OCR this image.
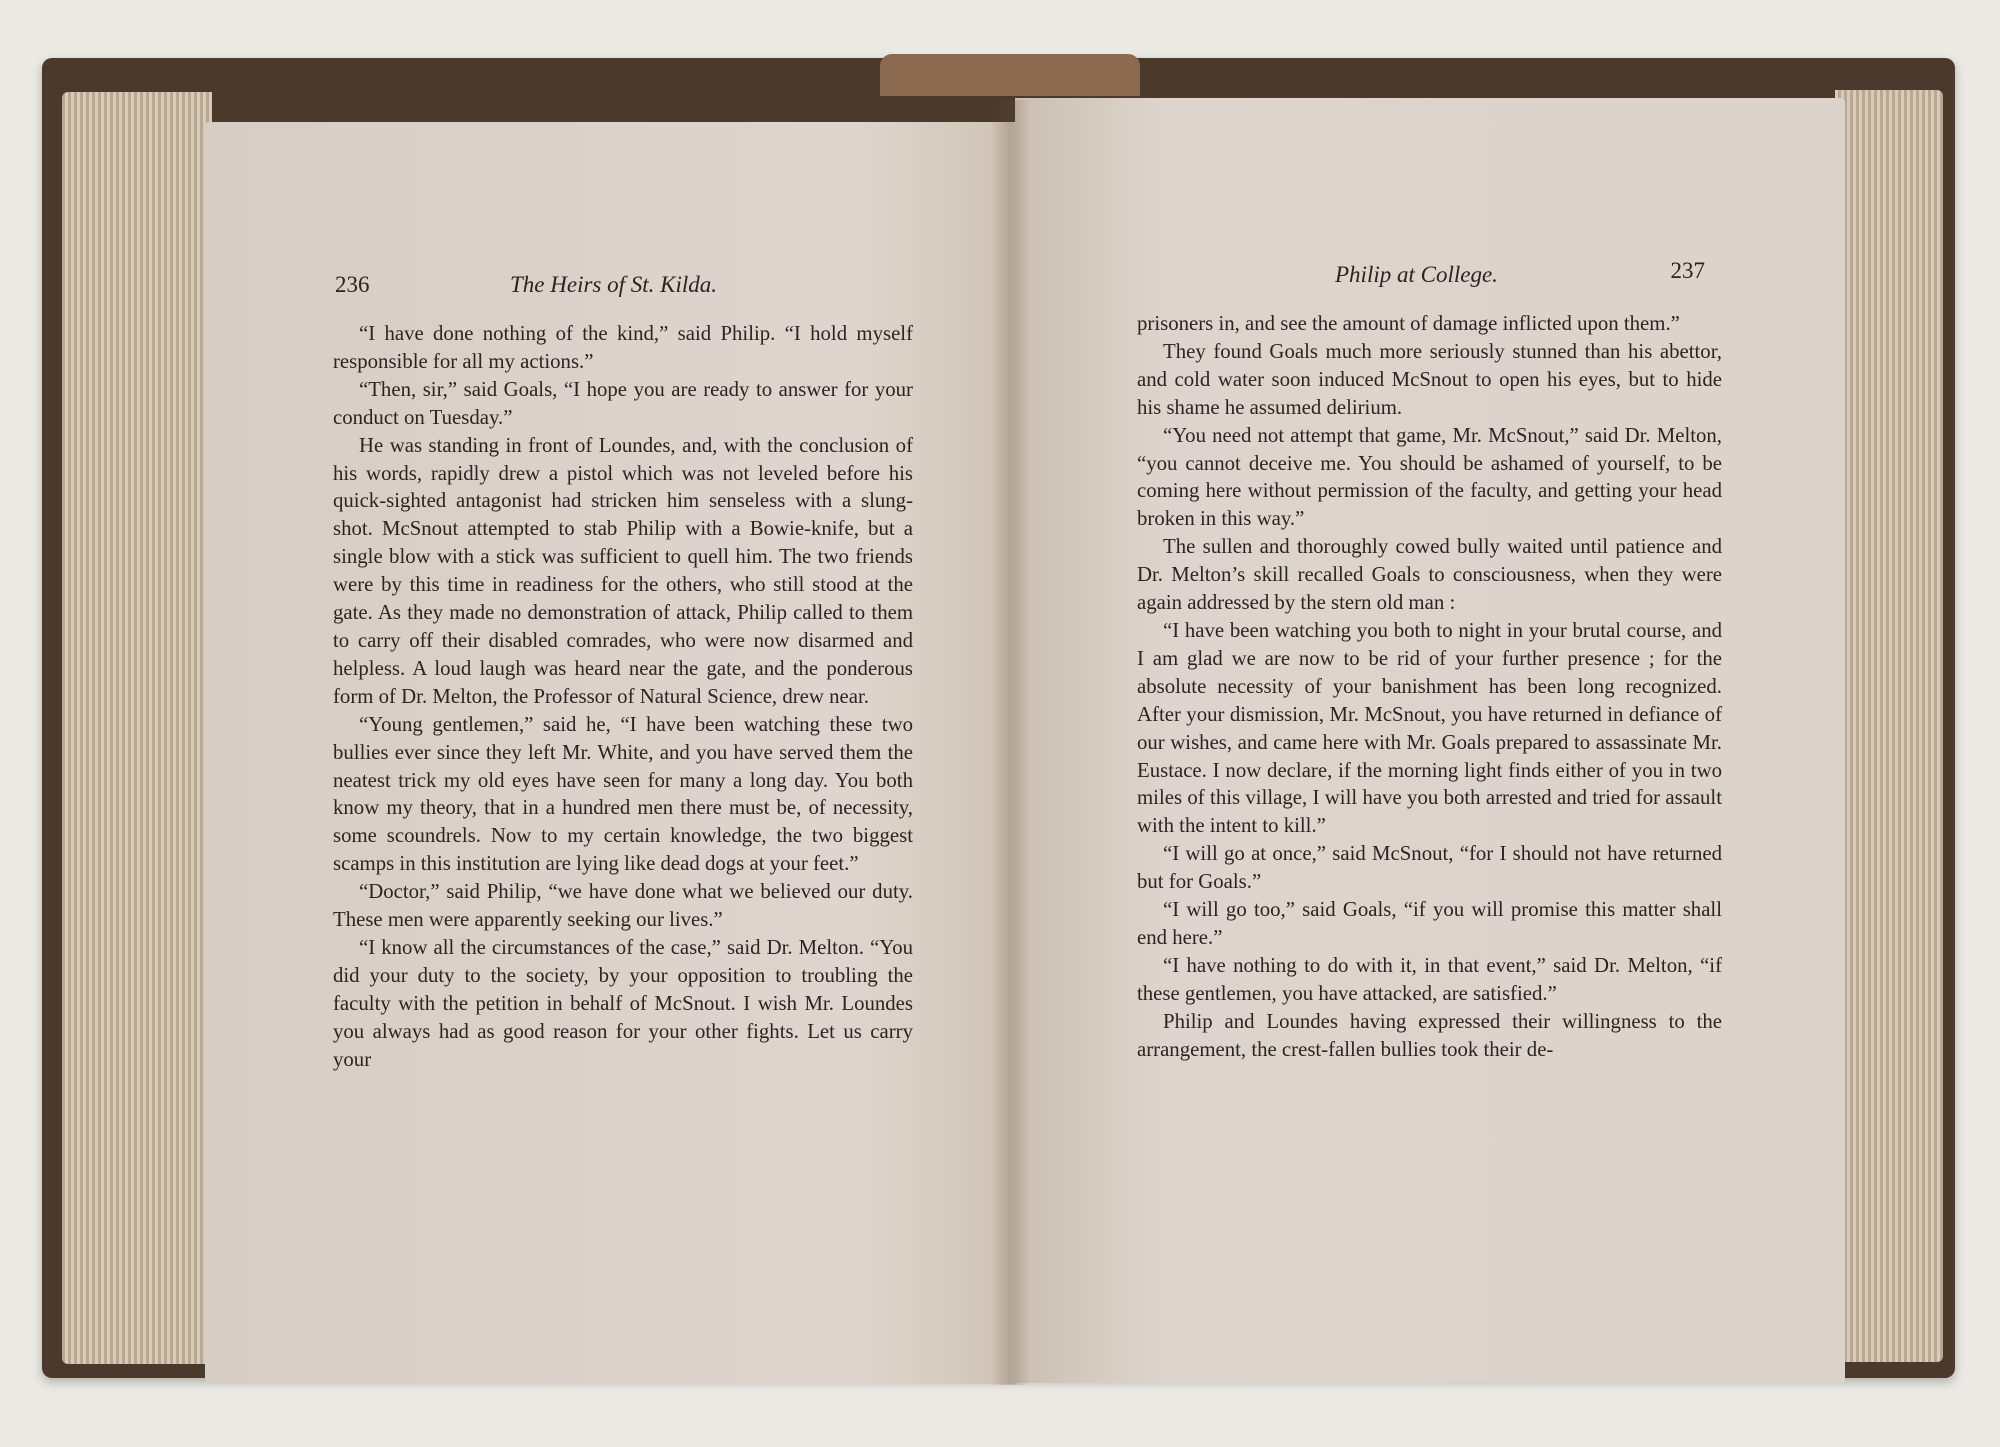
236	The Heirs of St. Kilda.	Philip at College.	237

“I have done nothing of the kind,” said Philip. “I hold myself responsible for all my actions.”

“Then, sir,” said Goals, “I hope you are ready to answer for your conduct on Tuesday.”

He was standing in front of Loundes, and, with the conclusion of his words, rapidly drew a pistol which was not leveled before his quick-sighted antagonist had stricken him senseless with a slung-shot. McSnout attempted to stab Philip with a Bowie-knife, but a single blow with a stick was sufficient to quell him. The two friends were by this time in readiness for the others, who still stood at the gate. As they made no demonstration of attack, Philip called to them to carry off their disabled comrades, who were now disarmed and helpless. A loud laugh was heard near the gate, and the ponderous form of Dr. Melton, the Professor of Natural Science, drew near.

“Young gentlemen,” said he, “I have been watching these two bullies ever since they left Mr. White, and you have served them the neatest trick my old eyes have seen for many a long day. You both know my theory, that in a hundred men there must be, of necessity, some scoundrels. Now to my certain knowledge, the two biggest scamps in this institution are lying like dead dogs at your feet.”

“Doctor,” said Philip, “we have done what we believed our duty. These men were apparently seeking our lives.”

“I know all the circumstances of the case,” said Dr. Melton. “You did your duty to the society, by your opposition to troubling the faculty with the petition in behalf of McSnout. I wish Mr. Loundes you always had as good reason for your other fights. Let us carry your

prisoners in, and see the amount of damage inflicted upon them.”

They found Goals much more seriously stunned than his abettor, and cold water soon induced McSnout to open his eyes, but to hide his shame he assumed delirium.

“You need not attempt that game, Mr. McSnout,” said Dr. Melton, “you cannot deceive me. You should be ashamed of yourself, to be coming here without permission of the faculty, and getting your head broken in this way.”

The sullen and thoroughly cowed bully waited until patience and Dr. Melton’s skill recalled Goals to consciousness, when they were again addressed by the stern old man :

“I have been watching you both to night in your brutal course, and I am glad we are now to be rid of your further presence ; for the absolute necessity of your banishment has been long recognized. After your dismission, Mr. McSnout, you have returned in defiance of our wishes, and came here with Mr. Goals prepared to assassinate Mr. Eustace. I now declare, if the morning light finds either of you in two miles of this village, I will have you both arrested and tried for assault with the intent to kill.”

“I will go at once,” said McSnout, “for I should not have returned but for Goals.”

“I will go too,” said Goals, “if you will promise this matter shall end here.”

“I have nothing to do with it, in that event,” said Dr. Melton, “if these gentlemen, you have attacked, are satisfied.”

Philip and Loundes having expressed their willingness to the arrangement, the crest-fallen bullies took their de-
